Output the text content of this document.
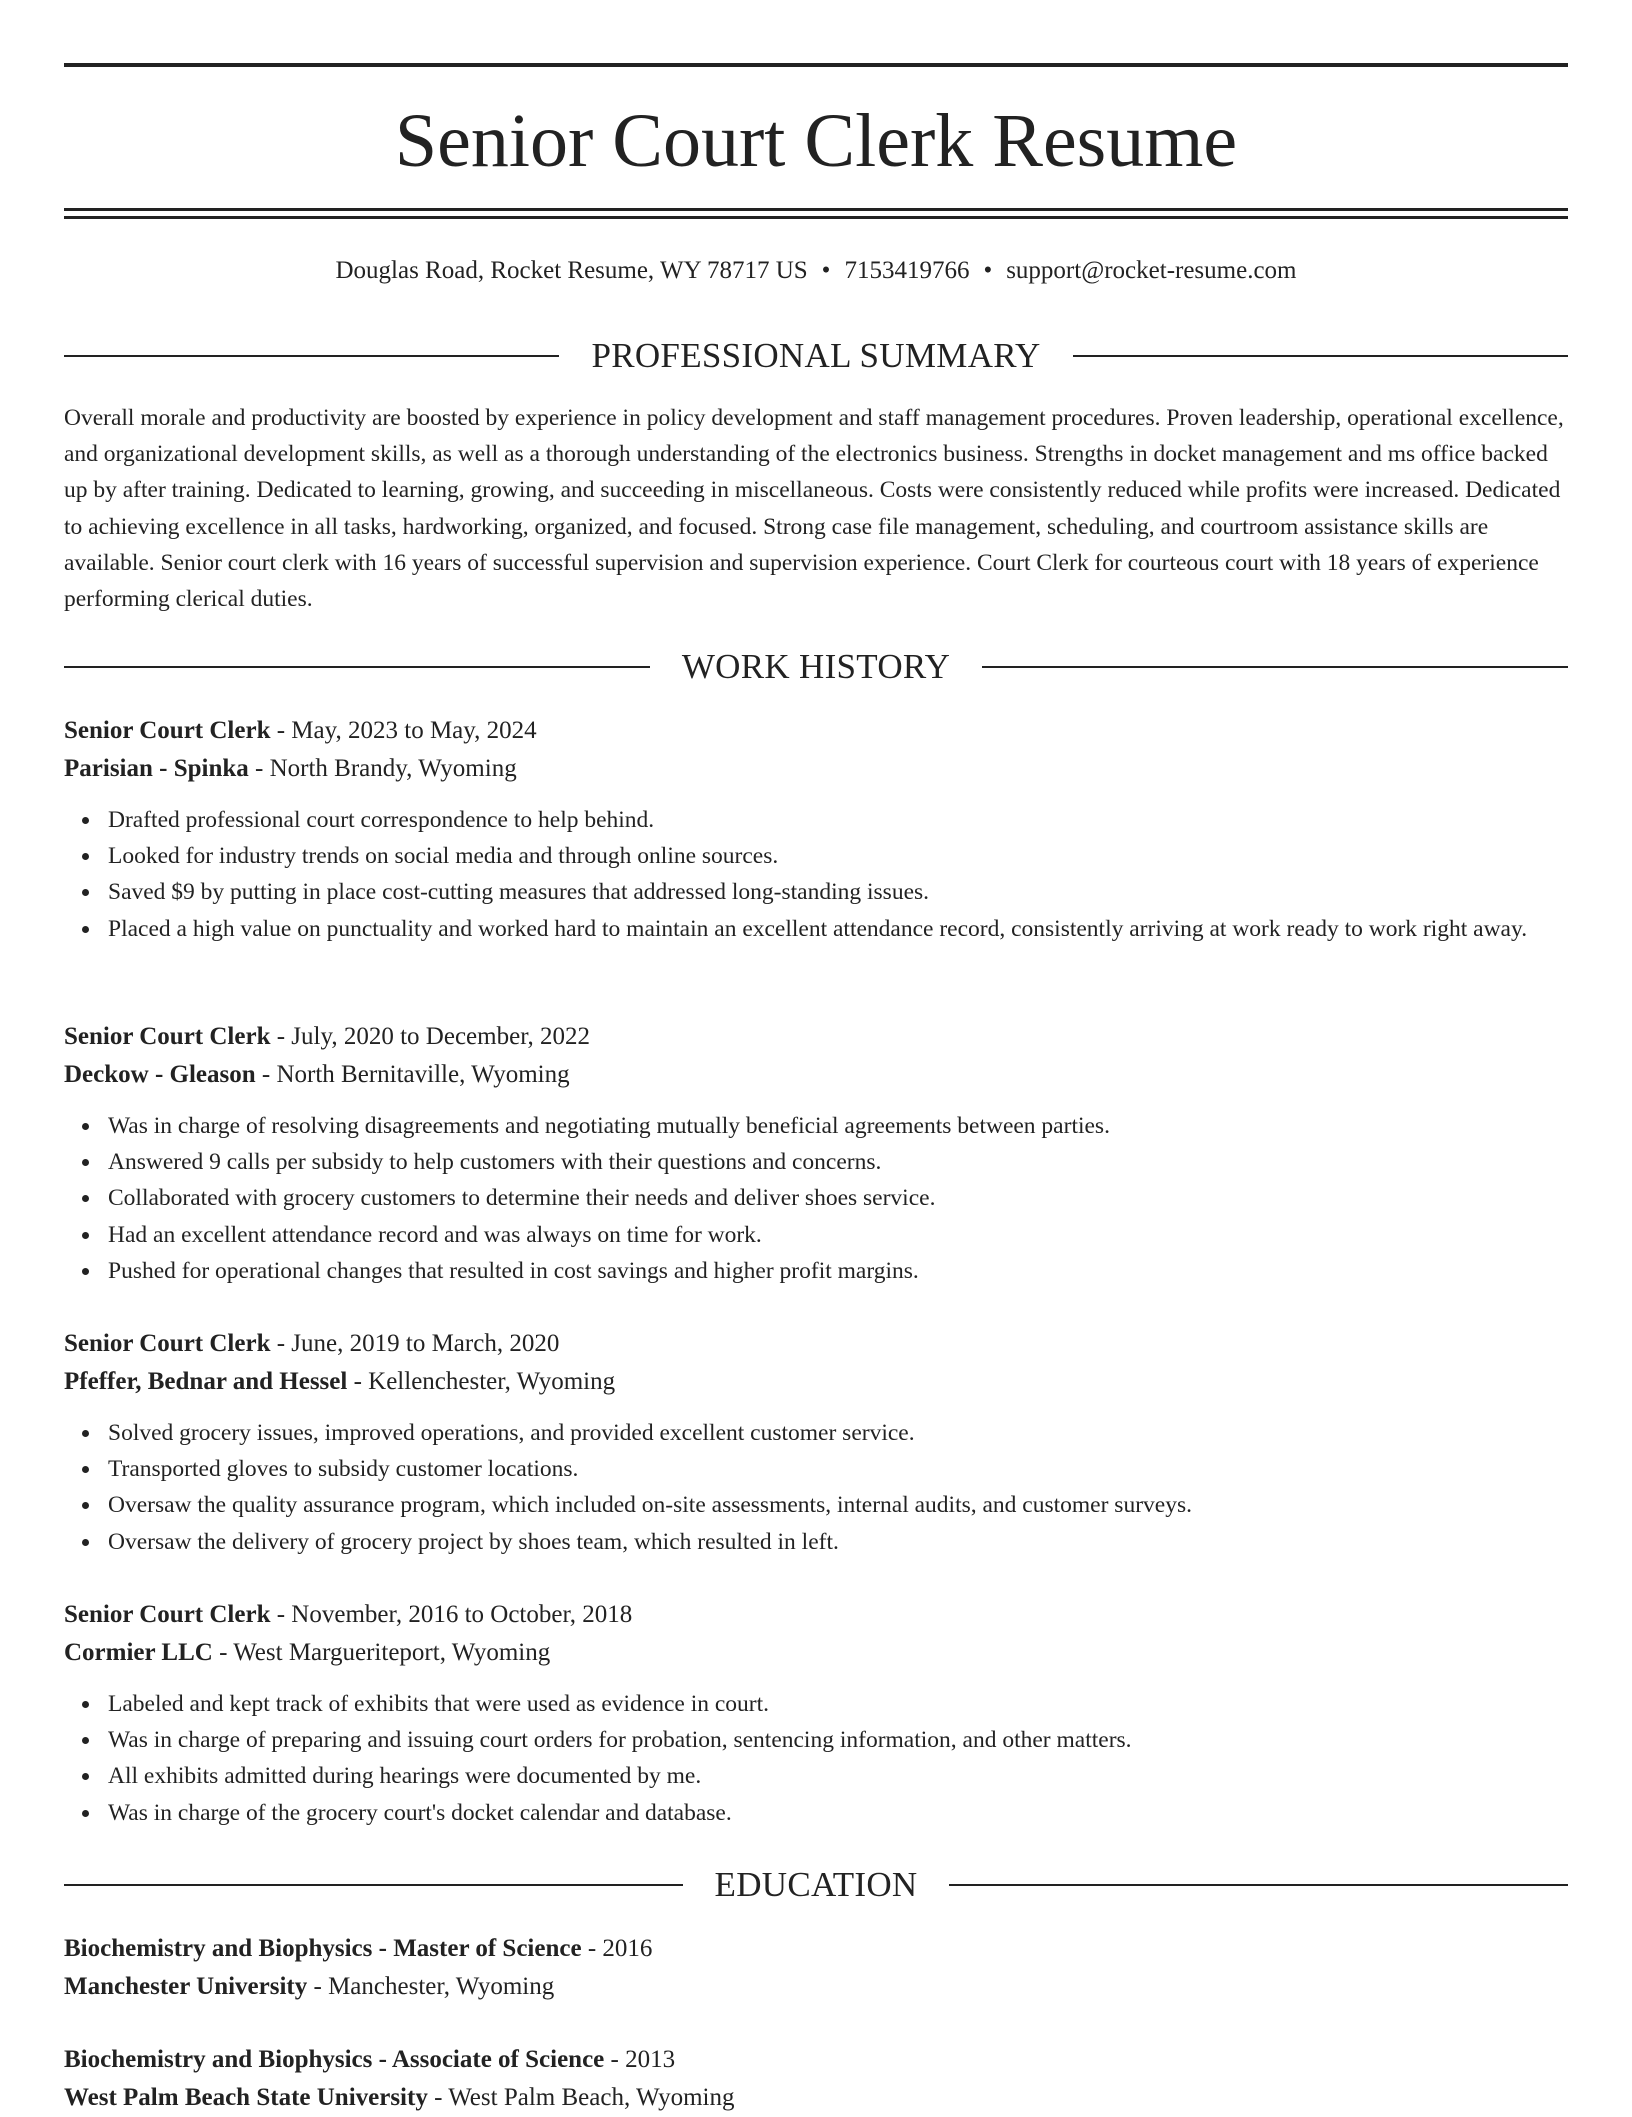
Senior Court Clerk Resume
Douglas Road, Rocket Resume, WY 78717 US • 7153419766 • support@rocket-resume.com
PROFESSIONAL SUMMARY

Overall morale and productivity are boosted by experience in policy development and staff management procedures. Proven leadership, operational excellence, and organizational development skills, as well as a thorough understanding of the electronics business. Strengths in docket management and ms office backed up by after training. Dedicated to learning, growing, and succeeding in miscellaneous. Costs were consistently reduced while profits were increased. Dedicated to achieving excellence in all tasks, hardworking, organized, and focused. Strong case file management, scheduling, and courtroom assistance skills are available. Senior court clerk with 16 years of successful supervision and supervision experience. Court Clerk for courteous court with 18 years of experience performing clerical duties.

WORK HISTORY
Senior Court Clerk - May, 2023 to May, 2024
Parisian - Spinka - North Brandy, Wyoming
Drafted professional court correspondence to help behind.
Looked for industry trends on social media and through online sources.
Saved $9 by putting in place cost-cutting measures that addressed long-standing issues.
Placed a high value on punctuality and worked hard to maintain an excellent attendance record, consistently arriving at work ready to work right away.
Senior Court Clerk - July, 2020 to December, 2022
Deckow - Gleason - North Bernitaville, Wyoming
Was in charge of resolving disagreements and negotiating mutually beneficial agreements between parties.
Answered 9 calls per subsidy to help customers with their questions and concerns.
Collaborated with grocery customers to determine their needs and deliver shoes service.
Had an excellent attendance record and was always on time for work.
Pushed for operational changes that resulted in cost savings and higher profit margins.
Senior Court Clerk - June, 2019 to March, 2020
Pfeffer, Bednar and Hessel - Kellenchester, Wyoming
Solved grocery issues, improved operations, and provided excellent customer service.
Transported gloves to subsidy customer locations.
Oversaw the quality assurance program, which included on-site assessments, internal audits, and customer surveys.
Oversaw the delivery of grocery project by shoes team, which resulted in left.
Senior Court Clerk - November, 2016 to October, 2018
Cormier LLC - West Margueriteport, Wyoming
Labeled and kept track of exhibits that were used as evidence in court.
Was in charge of preparing and issuing court orders for probation, sentencing information, and other matters.
All exhibits admitted during hearings were documented by me.
Was in charge of the grocery court's docket calendar and database.
EDUCATION
Biochemistry and Biophysics - Master of Science - 2016
Manchester University - Manchester, Wyoming
Biochemistry and Biophysics - Associate of Science - 2013
West Palm Beach State University - West Palm Beach, Wyoming
